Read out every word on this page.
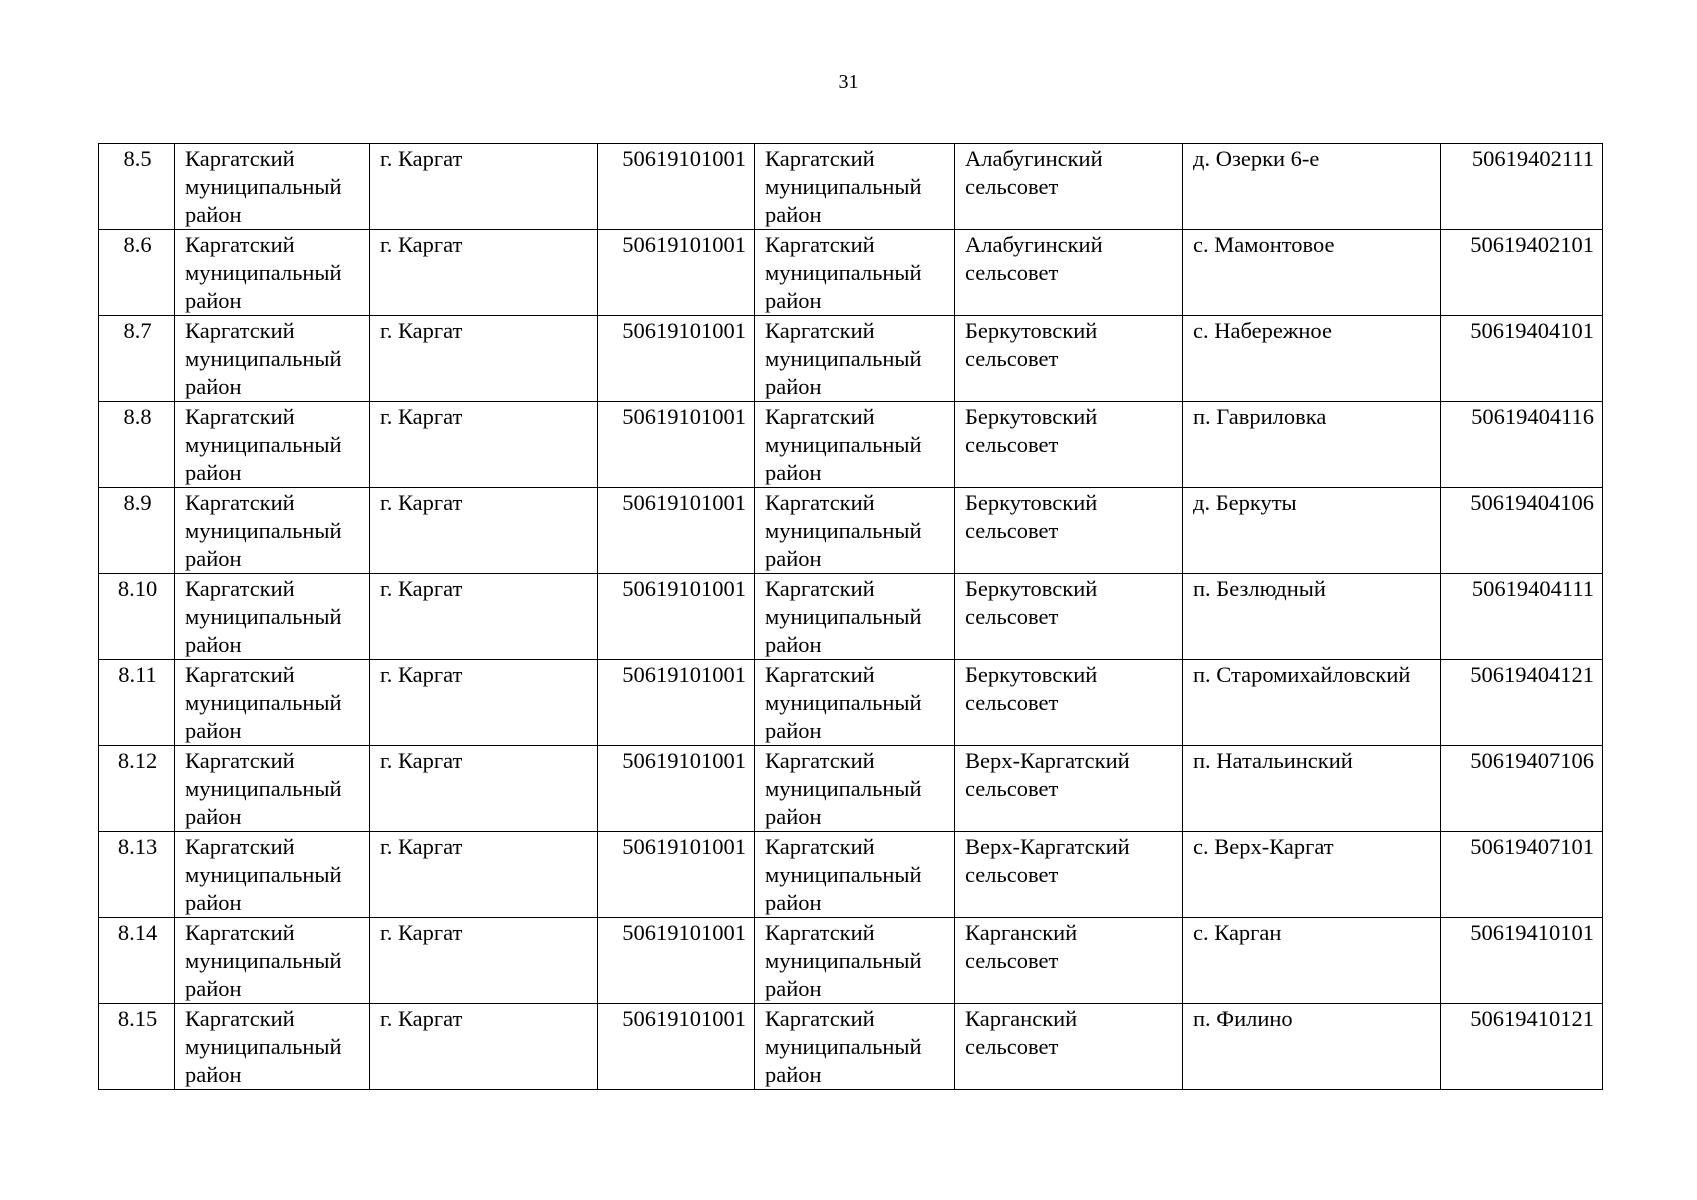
31
8.5	Каргатский муниципальный район	г. Каргат	50619101001	Каргатский муниципальный район	Алабугинский сельсовет	д. Озерки 6-е	50619402111
8.6	Каргатский муниципальный район	г. Каргат	50619101001	Каргатский муниципальный район	Алабугинский сельсовет	с. Мамонтовое	50619402101
8.7	Каргатский муниципальный район	г. Каргат	50619101001	Каргатский муниципальный район	Беркутовский сельсовет	с. Набережное	50619404101
8.8	Каргатский муниципальный район	г. Каргат	50619101001	Каргатский муниципальный район	Беркутовский сельсовет	п. Гавриловка	50619404116
8.9	Каргатский муниципальный район	г. Каргат	50619101001	Каргатский муниципальный район	Беркутовский сельсовет	д. Беркуты	50619404106
8.10	Каргатский муниципальный район	г. Каргат	50619101001	Каргатский муниципальный район	Беркутовский сельсовет	п. Безлюдный	50619404111
8.11	Каргатский муниципальный район	г. Каргат	50619101001	Каргатский муниципальный район	Беркутовский сельсовет	п. Старомихайловский	50619404121
8.12	Каргатский муниципальный район	г. Каргат	50619101001	Каргатский муниципальный район	Верх-Каргатский сельсовет	п. Натальинский	50619407106
8.13	Каргатский муниципальный район	г. Каргат	50619101001	Каргатский муниципальный район	Верх-Каргатский сельсовет	с. Верх-Каргат	50619407101
8.14	Каргатский муниципальный район	г. Каргат	50619101001	Каргатский муниципальный район	Карганский сельсовет	с. Карган	50619410101
8.15	Каргатский муниципальный район	г. Каргат	50619101001	Каргатский муниципальный район	Карганский сельсовет	п. Филино	50619410121
